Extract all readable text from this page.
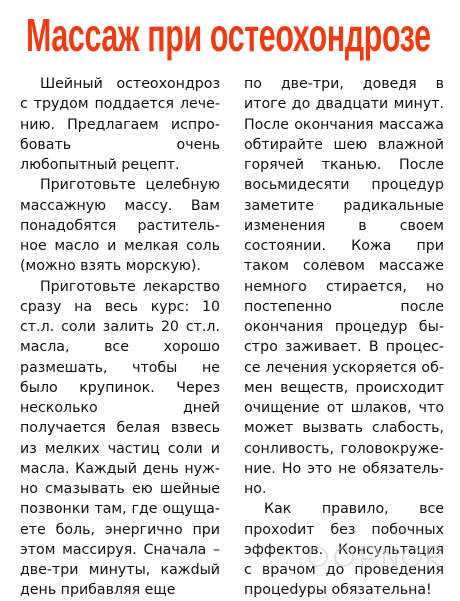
Массаж при остеохондрозе

Шейный остеохондроз с трудом поддается лечению. Предлагаем испробовать очень любопытный рецепт.

Приготовьте целебную массажную массу. Вам понадобятся растительное масло и мелкая соль (можно взять морскую).

Приготовьте лекарство сразу на весь курс: 10 ст.л. соли залить 20 ст.л. масла, все хорошо размешать, чтобы не было крупинок. Через несколько дней получается белая взвесь из мелких частиц соли и масла. Каждый день нужно смазывать ею шейные позвонки там, где ощущаете боль, энергично при этом массируя. Сначала – две-три минуты, кажdый день прибавляя еще

по две-три, доведя в итоге до двадцати минут. После окончания массажа обтирайте шею влажной горячей тканью. После восьмидесяти процедур заметите радикальные изменения в своем состоянии. Кожа при таком солевом массаже немного стирается, но постепенно после окончания процедур быстро заживает. В процессе лечения ускоряется обмен веществ, происходит очищение от шлаков, что может вызвать слабость, сонливость, головокружение. Но это не обязательно.

Как правило, все прохоdит без побочных эффектов. Консультация с врачом до проведения процеdуры обязательна!
